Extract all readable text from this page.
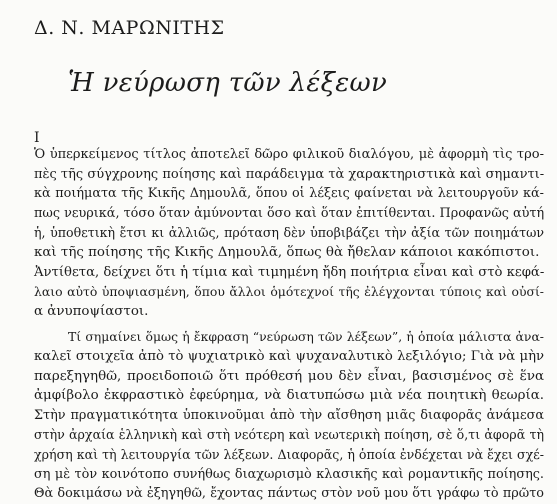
Δ. Ν. ΜΑΡΩΝΙΤΗΣ
Ἡ νεύρωση τῶν λέξεων
I
Ὁ ὑπερκείμενος τίτλος ἀποτελεῖ δῶρο φιλικοῦ διαλόγου, μὲ ἀφορμὴ τὶς τρο-
πὲς τῆς σύγχρονης ποίησης καὶ παράδειγμα τὰ χαρακτηριστικὰ καὶ σημαντι-
κὰ ποιήματα τῆς Κικῆς Δημουλᾶ, ὅπου οἱ λέξεις φαίνεται νὰ λειτουργοῦν κά-
πως νευρικά, τόσο ὅταν ἀμύνονται ὅσο καὶ ὅταν ἐπιτίθενται. Προφανῶς αὐτή
ἡ, ὑποθετικὴ ἔτσι κι ἀλλιῶς, πρόταση δὲν ὑποβιβάζει τὴν ἀξία τῶν ποιημάτων
καὶ τῆς ποίησης τῆς Κικῆς Δημουλᾶ, ὅπως θὰ ἤθελαν κάποιοι κακόπιστοι.
Ἀντίθετα, δείχνει ὅτι ἡ τίμια καὶ τιμημένη ἤδη ποιήτρια εἶναι καὶ στὸ κεφά-
λαιο αὐτὸ ὑποψιασμένη, ὅπου ἄλλοι ὁμότεχνοί τῆς ἐλέγχονται τύποις καὶ οὐσί-
α ἀνυποψίαστοι.
Τί σημαίνει ὅμως ἡ ἔκφραση “νεύρωση τῶν λέξεων”, ἡ ὁποία μάλιστα ἀνα-
καλεῖ στοιχεῖα ἀπὸ τὸ ψυχιατρικὸ καὶ ψυχαναλυτικὸ λεξιλόγιο; Γιὰ νὰ μὴν
παρεξηγηθῶ, προειδοποιῶ ὅτι πρόθεσή μου δὲν εἶναι, βασισμένος σὲ ἕνα
ἀμφίβολο ἐκφραστικὸ ἐφεύρημα, νὰ διατυπώσω μιὰ νέα ποιητικὴ θεωρία.
Στὴν πραγματικότητα ὑποκινοῦμαι ἀπὸ τὴν αἴσθηση μιᾶς διαφορᾶς ἀνάμεσα
στὴν ἀρχαία ἑλληνικὴ καὶ στὴ νεότερη καὶ νεωτερικὴ ποίηση, σὲ ὅ,τι ἀφορᾶ τὴ
χρήση καὶ τὴ λειτουργία τῶν λέξεων. Διαφορᾶς, ἡ ὁποία ἐνδέχεται νὰ ἔχει σχέ-
ση μὲ τὸν κοινότοπο συνήθως διαχωρισμὸ κλασικῆς καὶ ρομαντικῆς ποίησης.
Θὰ δοκιμάσω νὰ ἐξηγηθῶ, ἔχοντας πάντως στὸν νοῦ μου ὅτι γράφω τὸ πρῶτο
